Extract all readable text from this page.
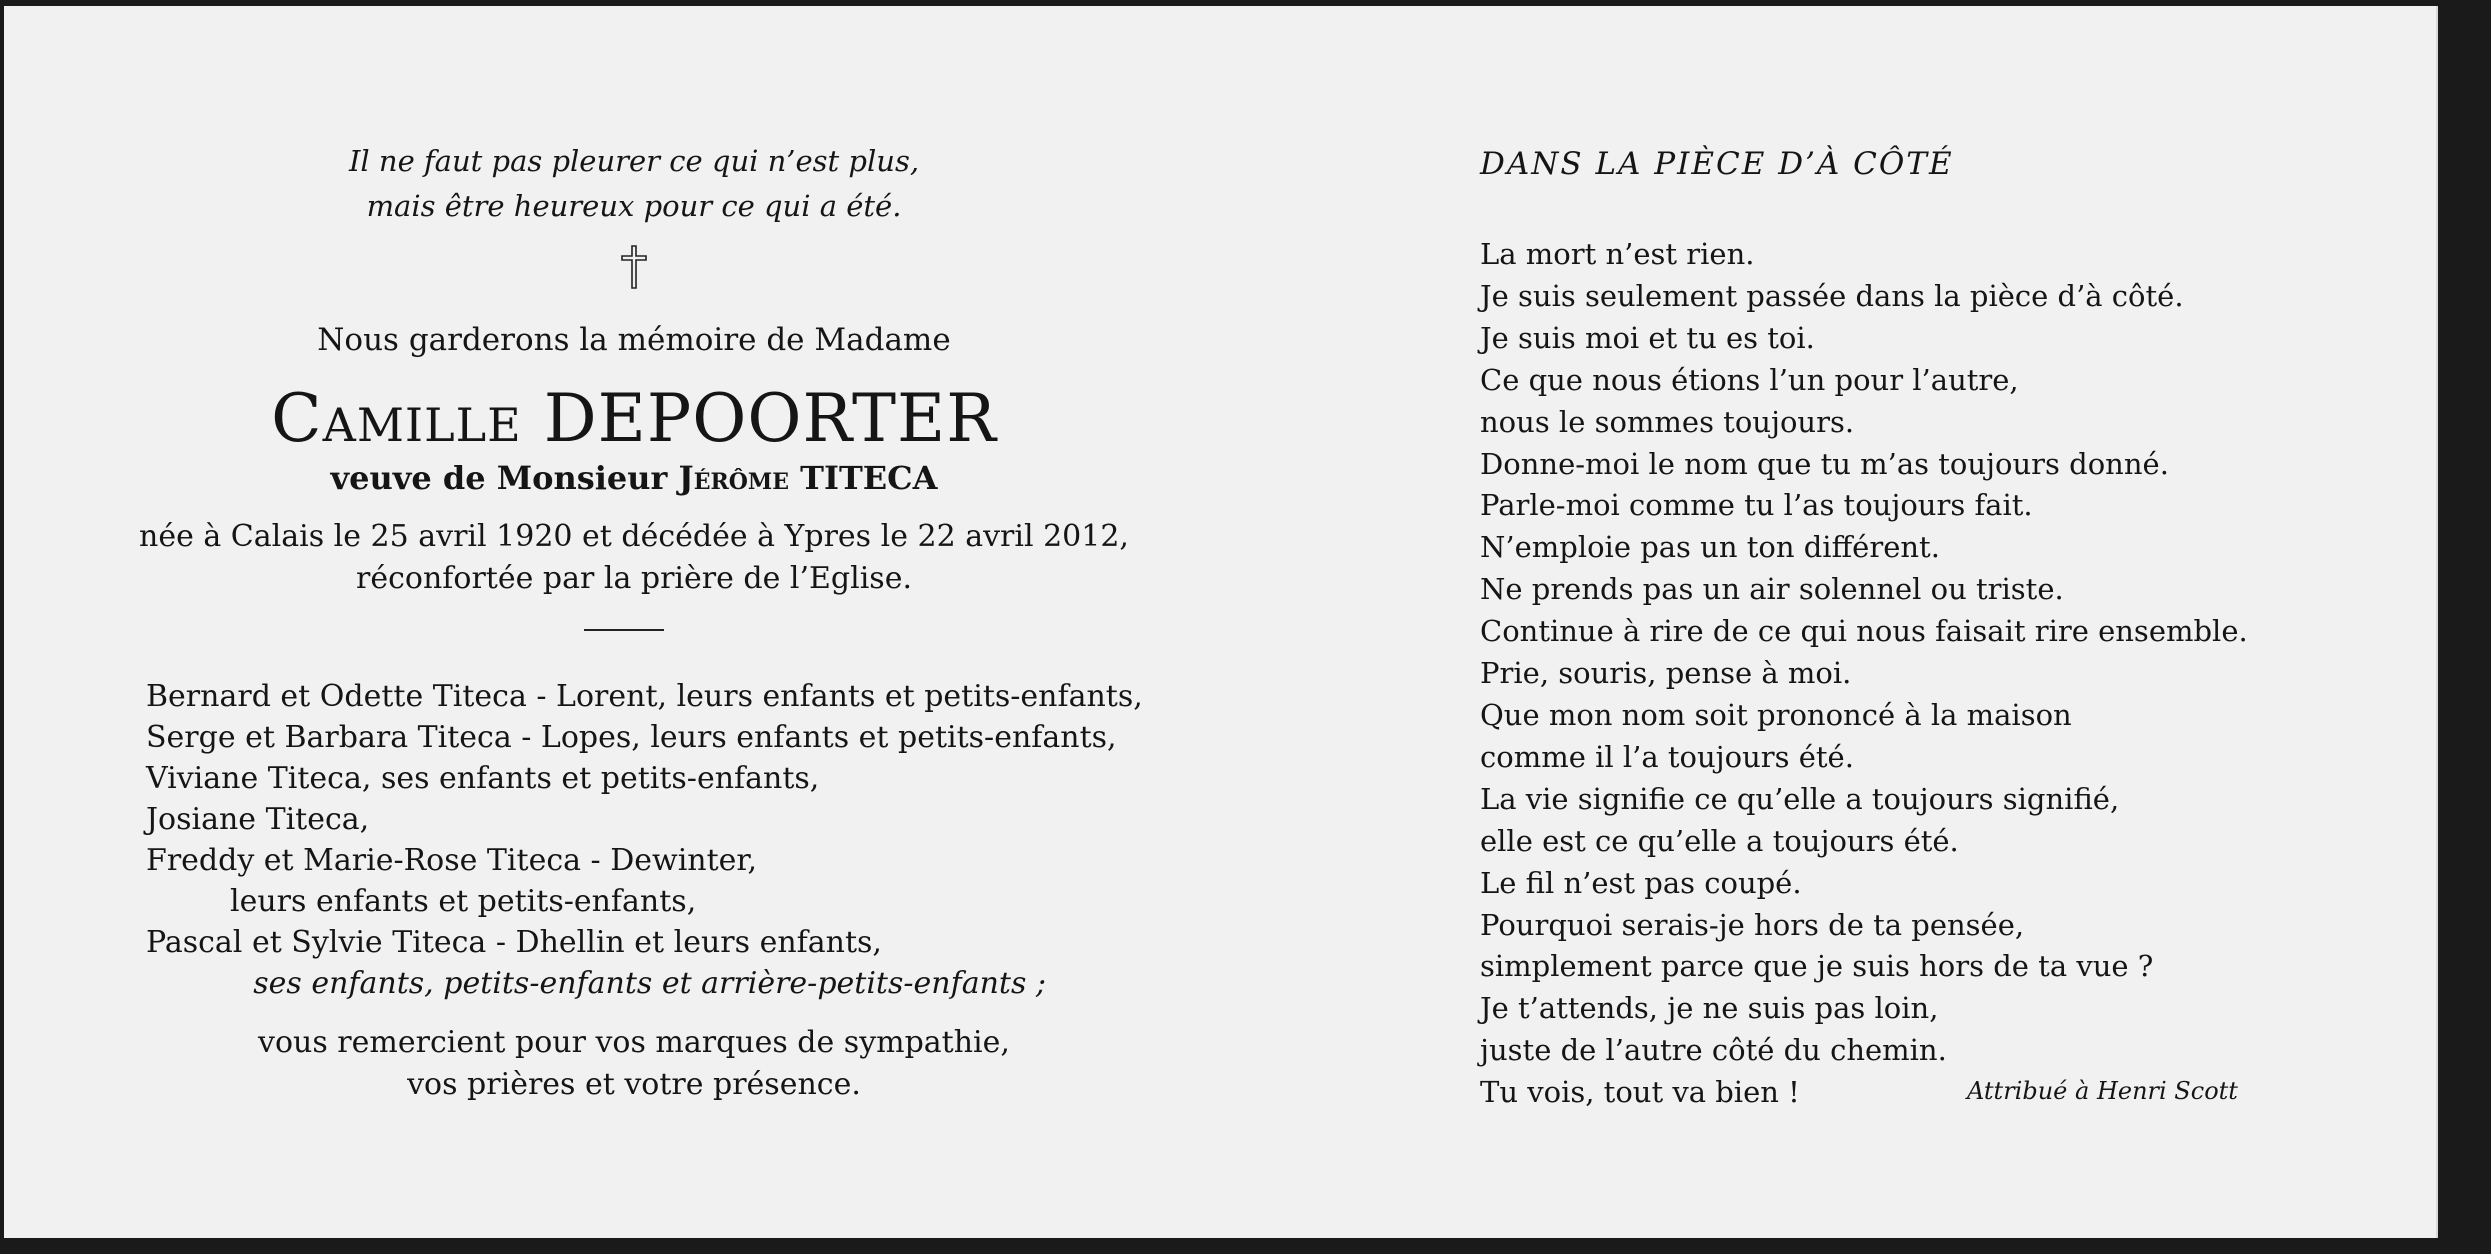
Il ne faut pas pleurer ce qui n’est plus,
mais être heureux pour ce qui a été.
Nous garderons la mémoire de Madame
Camille DEPOORTER
veuve de Monsieur Jérôme TITECA
née à Calais le 25 avril 1920 et décédée à Ypres le 22 avril 2012,
réconfortée par la prière de l’Eglise.
Bernard et Odette Titeca - Lorent, leurs enfants et petits-enfants,
Serge et Barbara Titeca - Lopes, leurs enfants et petits-enfants,
Viviane Titeca, ses enfants et petits-enfants,
Josiane Titeca,
Freddy et Marie-Rose Titeca - Dewinter,
leurs enfants et petits-enfants,
Pascal et Sylvie Titeca - Dhellin et leurs enfants,
ses enfants, petits-enfants et arrière-petits-enfants ;
vous remercient pour vos marques de sympathie,
vos prières et votre présence.
DANS LA PIÈCE D’À CÔTÉ
La mort n’est rien.
Je suis seulement passée dans la pièce d’à côté.
Je suis moi et tu es toi.
Ce que nous étions l’un pour l’autre,
nous le sommes toujours.
Donne-moi le nom que tu m’as toujours donné.
Parle-moi comme tu l’as toujours fait.
N’emploie pas un ton différent.
Ne prends pas un air solennel ou triste.
Continue à rire de ce qui nous faisait rire ensemble.
Prie, souris, pense à moi.
Que mon nom soit prononcé à la maison
comme il l’a toujours été.
La vie signifie ce qu’elle a toujours signifié,
elle est ce qu’elle a toujours été.
Le fil n’est pas coupé.
Pourquoi serais-je hors de ta pensée,
simplement parce que je suis hors de ta vue ?
Je t’attends, je ne suis pas loin,
juste de l’autre côté du chemin.
Tu vois, tout va bien !	Attribué à Henri Scott
